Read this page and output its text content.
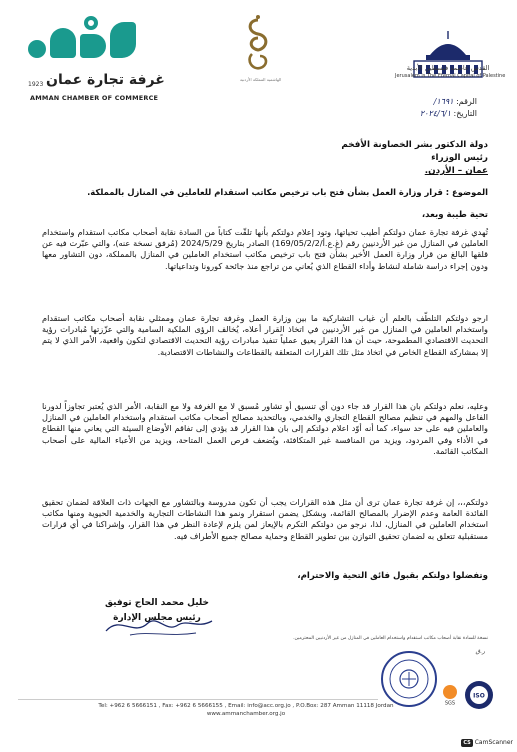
1923 غرفة تجارة عمان
AMMAN CHAMBER OF COMMERCE
الهاشمية المملكة الأردنية
القدس عاصمة فلسطين الأبدية
Jerusalem is The Eternal Capital of Palestine
الرقم: ١٦٩١/
التاريخ: ٢٠٢٤/٦/١
دولة الدكتور بشر الخصاونة الأفخم
رئيس الوزراء
عمان – الأردن.
الموضوع : قرار وزارة العمل بشأن فتح باب ترخيص مكاتب استقدام للعاملين في المنازل بالمملكة.
تحية طيبة وبعد،
تُهدي غرفة تجارة عمان دولتكم أطيب تحياتها، وتود إعلام دولتكم بأنها تلقّت كتاباً من السادة نقابة أصحاب مكاتب استقدام واستخدام العاملين في المنازل من غير الأردنيين رقم (غ.ع.أ/169/05/2/2) الصادر بتاريخ 2024/5/29 (مُرفق نسخة عنه)، والتي عبّرت فيه عن قلقها البالغ من قرار وزارة العمل الأخير بشأن فتح باب ترخيص مكاتب استخدام العاملين في المنازل بالمملكة، دون التشاور معها ودون إجراء دراسة شاملة لنشاط وأداء القطاع الذي يُعاني من تراجع منذ جائحة كورونا وتداعياتها.
ارجو دولتكم التلطّف بالعلم أن غياب التشاركية ما بين وزارة العمل وغرفة تجارة عمان وممثلي نقابة أصحاب مكاتب استقدام واستخدام العاملين في المنازل من غير الأردنيين في اتخاذ القرار أعلاه، يُخالف الرؤى الملكية السامية والتي عزّزتها مُبادرات رؤية التحديث الاقتصادي المطموحة، حيث أن هذا القرار يعيق عملياً تنفيذ مبادرات رؤية التحديث الاقتصادي لتكون واقعية، الأمر الذي لا يتم إلا بمشاركة القطاع الخاص في اتخاذ مثل تلك القرارات المتعلقة بالقطاعات والنشاطات الاقتصادية.
وعليه، نعلم دولتكم بان هذا القرار قد جاء دون أي تنسيق أو تشاور مُسبق لا مع الغرفة ولا مع النقابة، الأمر الذي يُعتبر تجاوزاً لدورنا الفاعل والمهم في تنظيم مصالح القطاع التجاري والخدمي، وبالتحديد مصالح أصحاب مكاتب استقدام واستخدام العاملين في المنازل والعاملين فيه على حد سواء، كما أنه أوّد اعلام دولتكم إلى بان هذا القرار قد يؤدي إلى تفاقم الأوضاع السيئة التي يعاني منها القطاع في الأداء وفي المردود، ويزيد من المنافسة غير المتكافئة، ويُضعف فرص العمل المتاحة، ويزيد من الأعباء المالية على أصحاب المكاتب القائمة.
دولتكم،،، إن غرفة تجارة عمان ترى أن مثل هذه القرارات يجب أن تكون مدروسة وبالتشاور مع الجهات ذات العلاقة لضمان تحقيق الفائدة العامة وعدم الإضرار بالمصالح القائمة، وبشكل يضمن استقرار ونمو هذا النشاطات التجارية والخدمية الحيوية ومنها مكاتب استخدام العاملين في المنازل، لذا، نرجو من دولتكم التكرم بالإيعاز لمن يلزم لإعادة النظر في هذا القرار، وإشراكنا في أي قرارات مستقبلية تتعلق به لضمان تحقيق التوازن بين تطوير القطاع وحماية مصالح جميع الأطراف فيه.
وتفضلوا دولتكم بقبول فائق التحية والاحترام،
خليل محمد الحاج توفيق
رئيس مجلس الإدارة
نسخة للسادة نقابة أصحاب مكاتب استقدام واستخدام العاملين في المنازل من غير الأردنيين المحترمين.
ر.ق
SGS
ISO
Tel: +962 6 5666151 , Fax: +962 6 5666155 , Email: info@acc.org.jo , P.O.Box: 287 Amman 11118 Jordan
www.ammanchamber.org.jo
CS CamScanner
